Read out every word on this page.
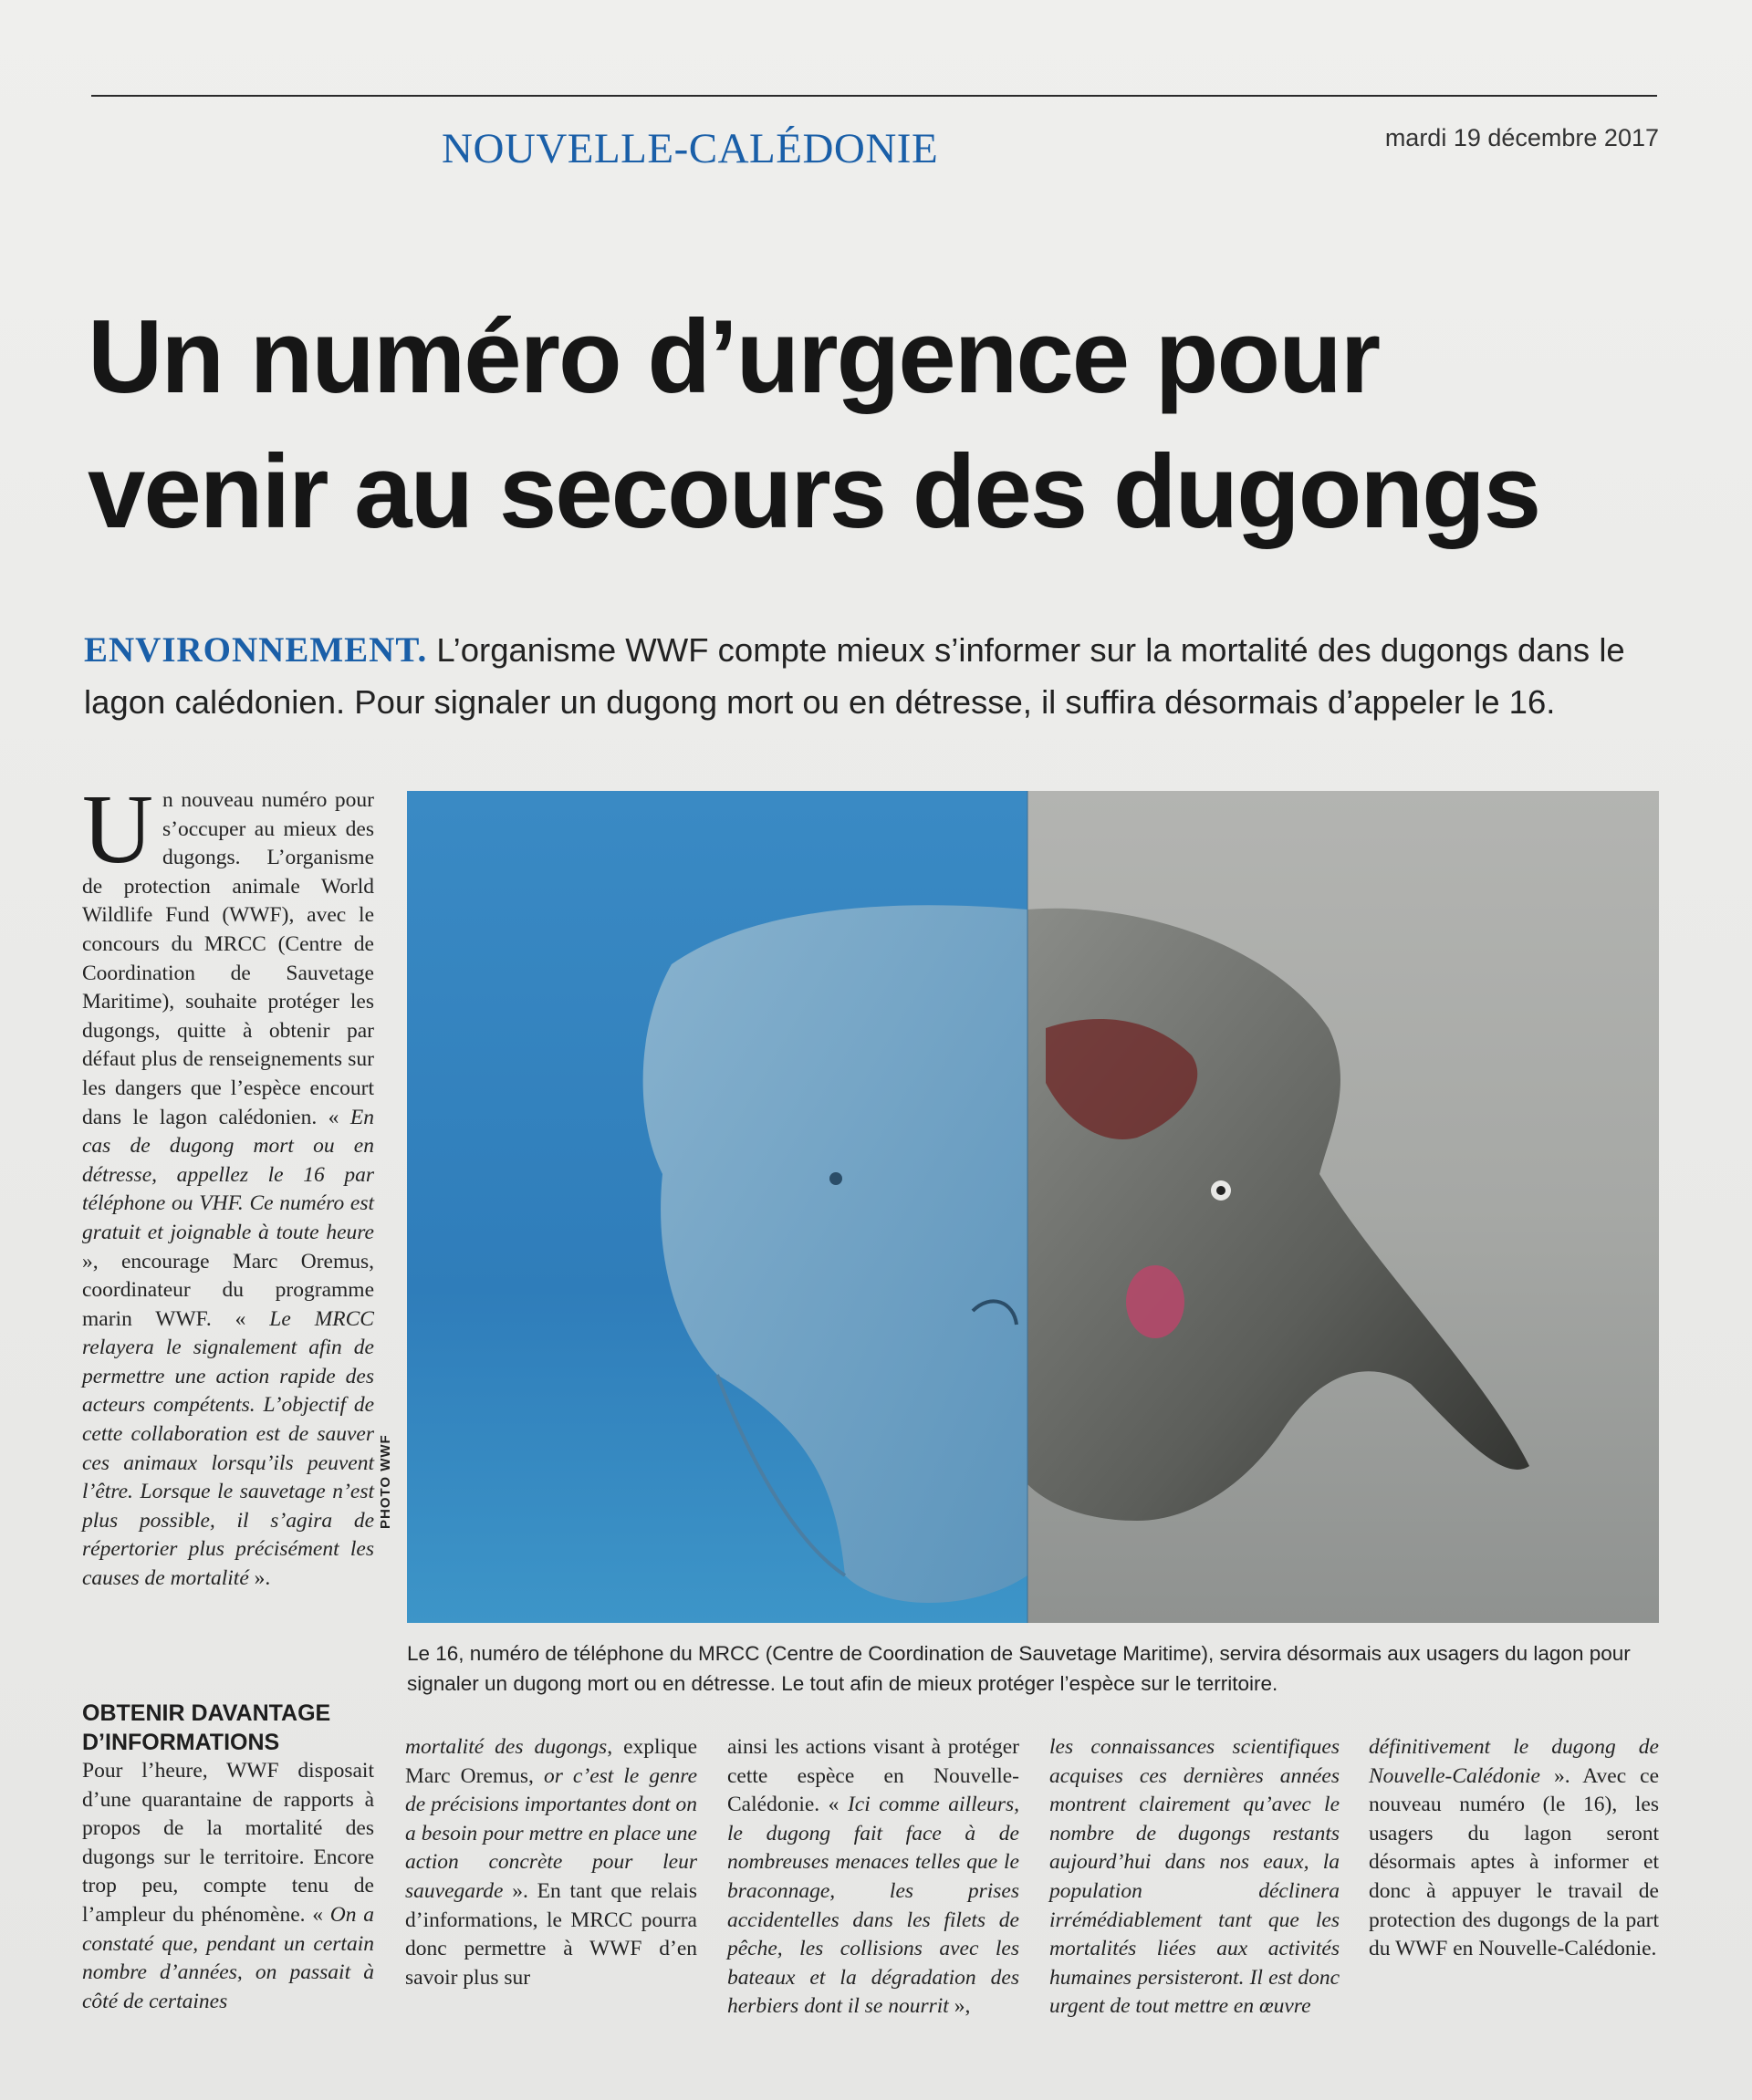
NOUVELLE-CALÉDONIE	mardi 19 décembre 2017
Un numéro d’urgence pour
venir au secours des dugongs
ENVIRONNEMENT. L’organisme WWF compte mieux s’informer sur la mortalité des dugongs dans le lagon calédonien. Pour signaler un dugong mort ou en détresse, il suffira désormais d’appeler le 16.
U n nouveau numéro pour s’occuper au mieux des dugongs. L’organisme de protection animale World Wildlife Fund (WWF), avec le concours du MRCC (Centre de Coordination de Sauvetage Maritime), souhaite protéger les dugongs, quitte à obtenir par défaut plus de renseignements sur les dangers que l’espèce encourt dans le lagon calédonien. « En cas de dugong mort ou en détresse, appellez le 16 par téléphone ou VHF. Ce numéro est gratuit et joignable à toute heure », encourage Marc Oremus, coordinateur du programme marin WWF. « Le MRCC relayera le signalement afin de permettre une action rapide des acteurs compétents. L’objectif de cette collaboration est de sauver ces animaux lorsqu’ils peuvent l’être. Lorsque le sauvetage n’est plus possible, il s’agira de répertorier plus précisément les causes de mortalité ».

PHOTO WWF
Le 16, numéro de téléphone du MRCC (Centre de Coordination de Sauvetage Maritime), servira désormais aux usagers du lagon pour signaler un dugong mort ou en détresse. Le tout afin de mieux protéger l’espèce sur le territoire.
OBTENIR DAVANTAGE D’INFORMATIONS

Pour l’heure, WWF disposait d’une quarantaine de rapports à propos de la mortalité des dugongs sur le territoire. Encore trop peu, compte tenu de l’ampleur du phénomène. « On a constaté que, pendant un certain nombre d’années, on passait à côté de certaines

mortalité des dugongs, explique Marc Oremus, or c’est le genre de précisions importantes dont on a besoin pour mettre en place une action concrète pour leur sauvegarde ». En tant que relais d’informations, le MRCC pourra donc permettre à WWF d’en savoir plus sur

ainsi les actions visant à protéger cette espèce en Nouvelle-Calédonie. « Ici comme ailleurs, le dugong fait face à de nombreuses menaces telles que le braconnage, les prises accidentelles dans les filets de pêche, les collisions avec les bateaux et la dégradation des herbiers dont il se nourrit »,

les connaissances scientifiques acquises ces dernières années montrent clairement qu’avec le nombre de dugongs restants aujourd’hui dans nos eaux, la population déclinera irrémédiablement tant que les mortalités liées aux activités humaines persisteront. Il est donc urgent de tout mettre en œuvre

définitivement le dugong de Nouvelle-Calédonie ». Avec ce nouveau numéro (le 16), les usagers du lagon seront désormais aptes à informer et donc à appuyer le travail de protection des dugongs de la part du WWF en Nouvelle-Calédonie.
